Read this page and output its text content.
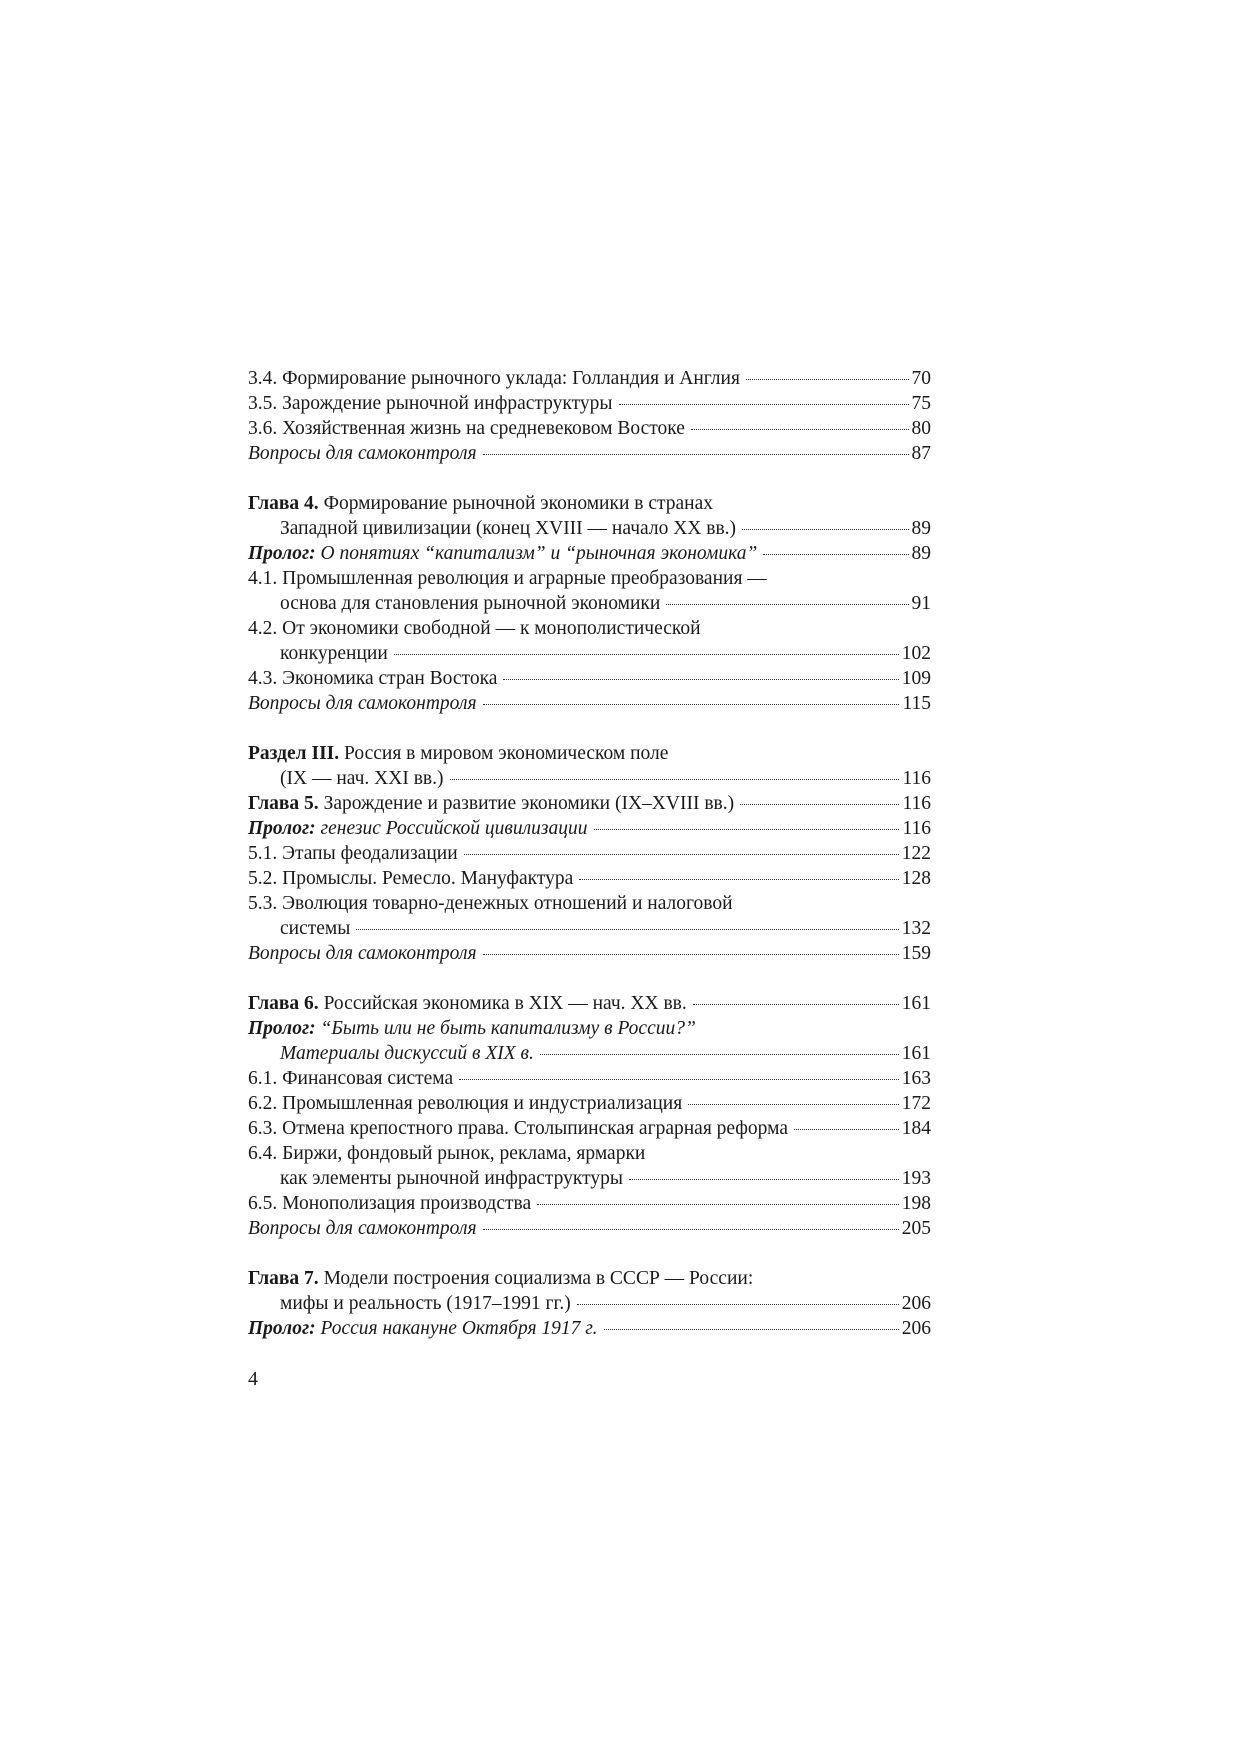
3.4. Формирование рыночного уклада: Голландия и Англия	70
3.5. Зарождение рыночной инфраструктуры	75
3.6. Хозяйственная жизнь на средневековом Востоке	80
Вопросы для самоконтроля	87
Глава 4. Формирование рыночной экономики в странах
Западной цивилизации (конец XVIII — начало XX вв.)	89
Пролог: О понятиях “капитализм” и “рыночная экономика”	89
4.1. Промышленная революция и аграрные преобразования —
основа для становления рыночной экономики	91
4.2. От экономики свободной — к монополистической
конкуренции	102
4.3. Экономика стран Востока	109
Вопросы для самоконтроля	115
Раздел III. Россия в мировом экономическом поле
(IX — нач. XXI вв.)	116
Глава 5. Зарождение и развитие экономики (IX–XVIII вв.)	116
Пролог: генезис Российской цивилизации	116
5.1. Этапы феодализации	122
5.2. Промыслы. Ремесло. Мануфактура	128
5.3. Эволюция товарно-денежных отношений и налоговой
системы	132
Вопросы для самоконтроля	159
Глава 6. Российская экономика в XIX — нач. XX вв.	161
Пролог: “Быть или не быть капитализму в России?”
Материалы дискуссий в XIX в.	161
6.1. Финансовая система	163
6.2. Промышленная революция и индустриализация	172
6.3. Отмена крепостного права. Столыпинская аграрная реформа	184
6.4. Биржи, фондовый рынок, реклама, ярмарки
как элементы рыночной инфраструктуры	193
6.5. Монополизация производства	198
Вопросы для самоконтроля	205
Глава 7. Модели построения социализма в СССР — России:
мифы и реальность (1917–1991 гг.)	206
Пролог: Россия накануне Октября 1917 г.	206
4
